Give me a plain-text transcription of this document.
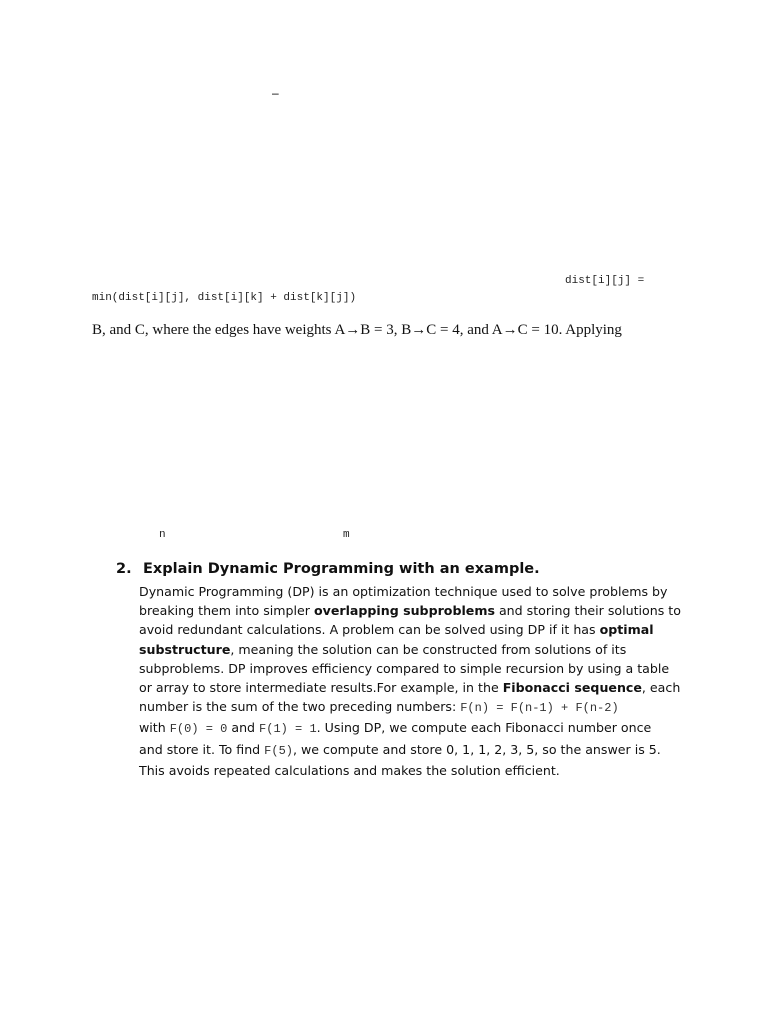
–
dist[i][j] =
min(dist[i][j], dist[i][k] + dist[k][j])
B, and C, where the edges have weights A→B = 3, B→C = 4, and A→C = 10. Applying
n	m
2. Explain Dynamic Programming with an example.
Dynamic Programming (DP) is an optimization technique used to solve problems by
breaking them into simpler overlapping subproblems and storing their solutions to
avoid redundant calculations. A problem can be solved using DP if it has optimal
substructure, meaning the solution can be constructed from solutions of its
subproblems. DP improves efficiency compared to simple recursion by using a table
or array to store intermediate results.For example, in the Fibonacci sequence, each
number is the sum of the two preceding numbers: F(n) = F(n-1) + F(n-2)
with F(0) = 0 and F(1) = 1. Using DP, we compute each Fibonacci number once
and store it. To find F(5), we compute and store 0, 1, 1, 2, 3, 5, so the answer is 5.
This avoids repeated calculations and makes the solution efficient.
